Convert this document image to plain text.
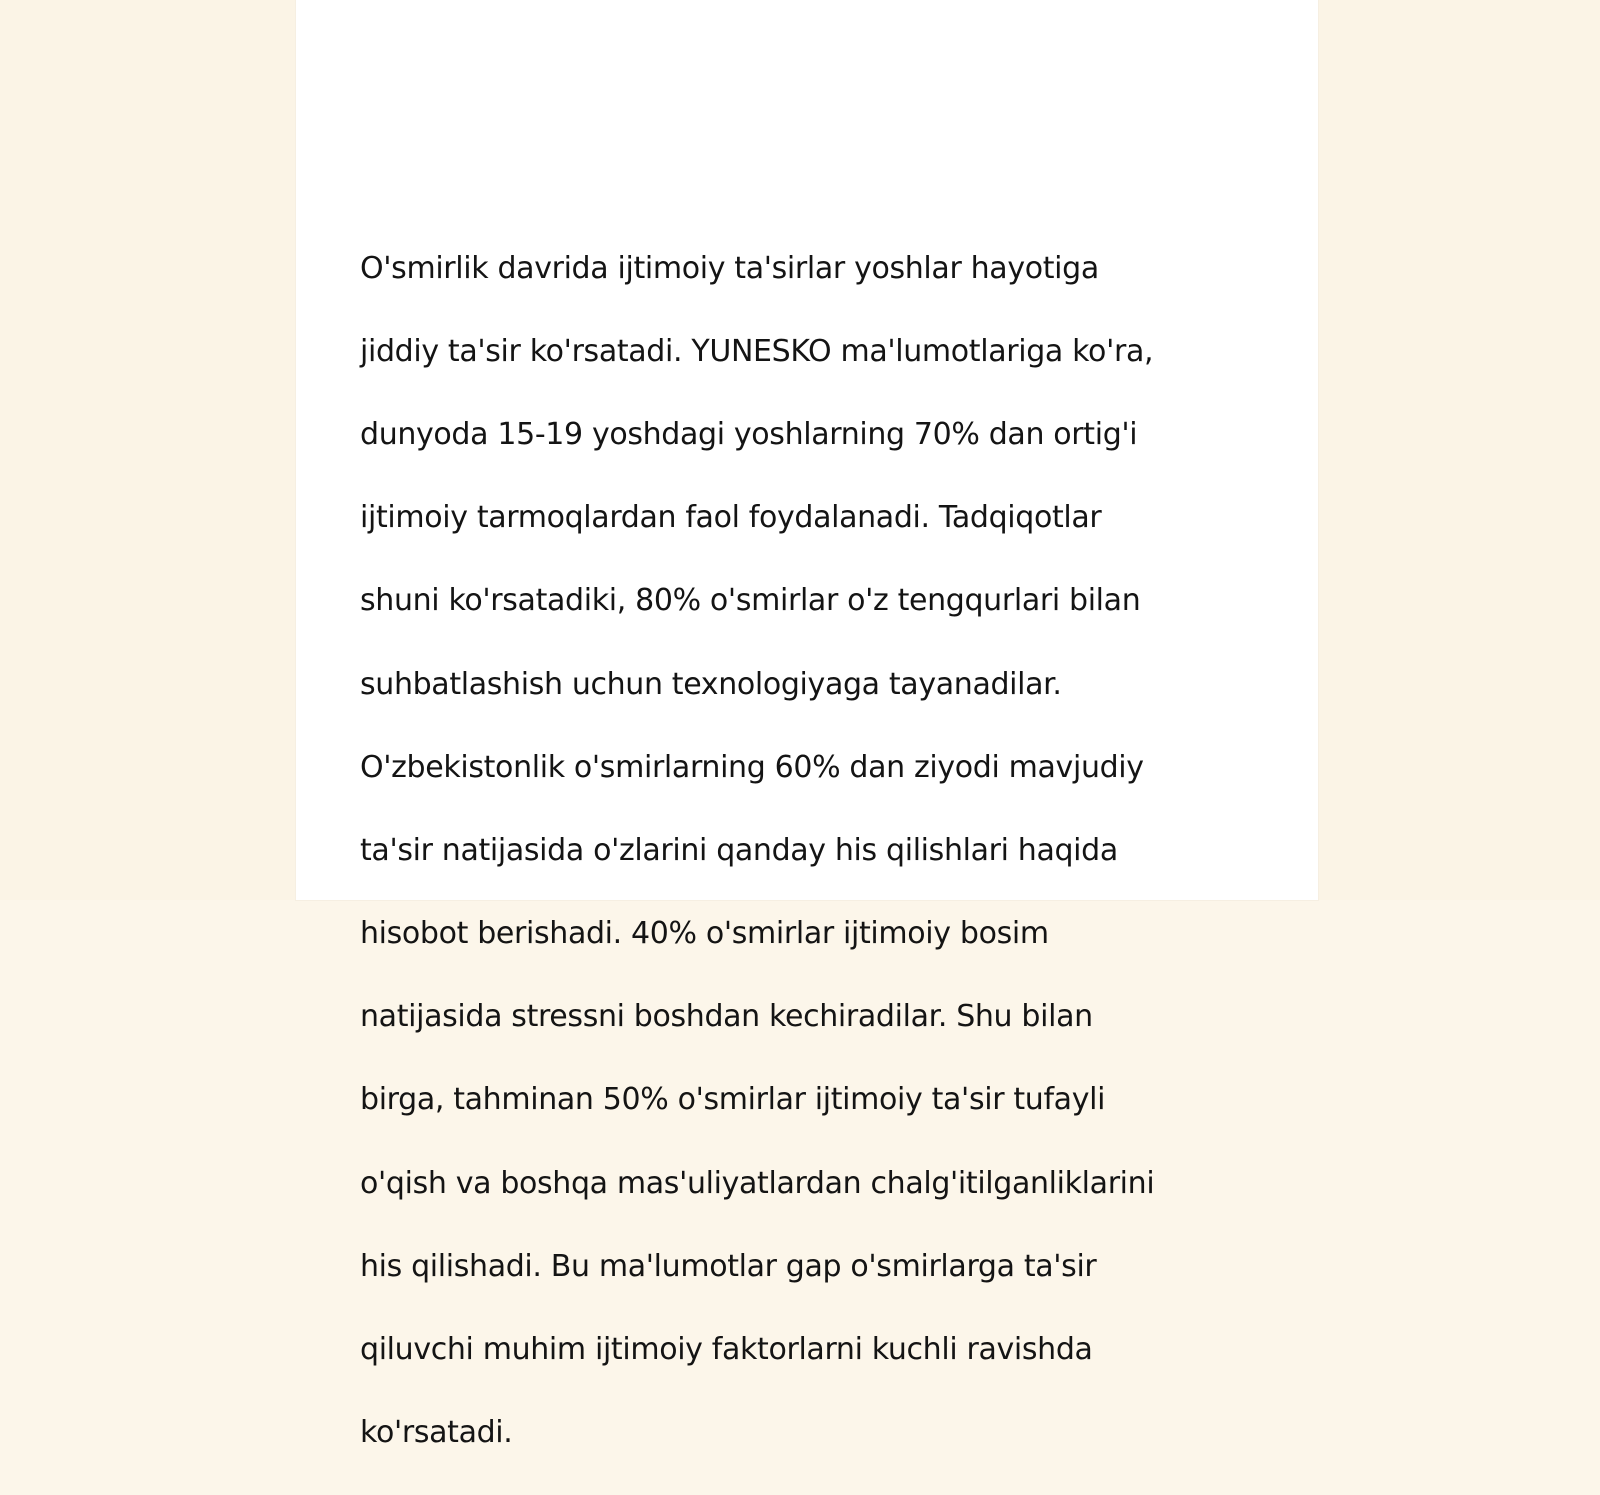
O'smirlik davrida ijtimoiy ta'sirlar yoshlar hayotiga

jiddiy ta'sir ko'rsatadi. YUNESKO ma'lumotlariga ko'ra,

dunyoda 15-19 yoshdagi yoshlarning 70% dan ortig'i

ijtimoiy tarmoqlardan faol foydalanadi. Tadqiqotlar

shuni ko'rsatadiki, 80% o'smirlar o'z tengqurlari bilan

suhbatlashish uchun texnologiyaga tayanadilar.

O'zbekistonlik o'smirlarning 60% dan ziyodi mavjudiy

ta'sir natijasida o'zlarini qanday his qilishlari haqida

hisobot berishadi. 40% o'smirlar ijtimoiy bosim

natijasida stressni boshdan kechiradilar. Shu bilan

birga, tahminan 50% o'smirlar ijtimoiy ta'sir tufayli

o'qish va boshqa mas'uliyatlardan chalg'itilganliklarini

his qilishadi. Bu ma'lumotlar gap o'smirlarga ta'sir

qiluvchi muhim ijtimoiy faktorlarni kuchli ravishda

ko'rsatadi.
